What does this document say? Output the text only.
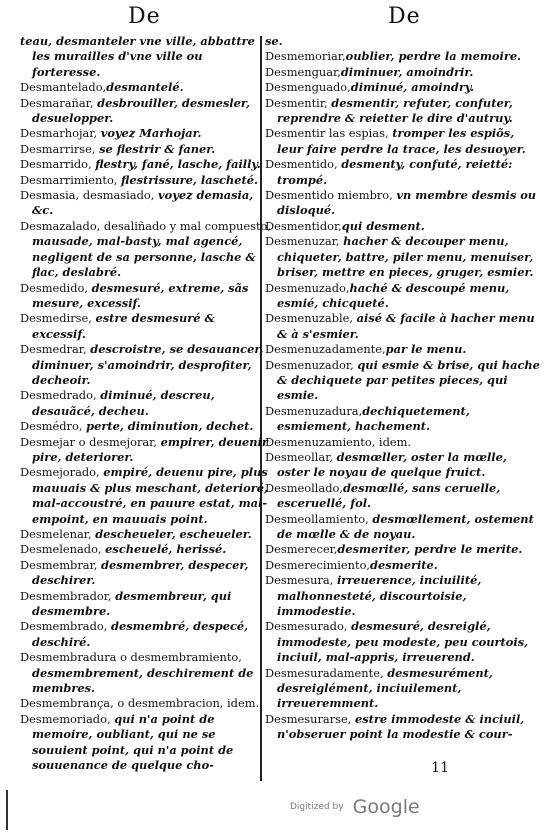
De	De

teau, desmanteler vne ville, abbattre les murailles d'vne ville ou forteresse.

Desmantelado,desmantelé.

Desmarañar, desbrouiller, desmesler, desuelopper.

Desmarhojar, voyez Marhojar.

Desmarrirse, se flestrir & faner.

Desmarrido, flestry, fané, lasche, failly.

Desmarrimiento, flestrissure, lascheté.

Desmasia, desmasiado, voyez demasia, &c.

Desmazalado, desaliñado y mal compuesto, mausade, mal-basty, mal agencé, negligent de sa personne, lasche & flac, deslabré.

Desmedido, desmesuré, extreme, sãs mesure, excessif.

Desmedirse, estre desmesuré & excessif.

Desmedrar, descroistre, se desauancer, diminuer, s'amoindrir, desprofiter, decheoir.

Desmedrado, diminué, descreu, desauãcé, decheu.

Desmédro, perte, diminution, dechet.

Desmejar o desmejorar, empirer, deuenir pire, deteriorer.

Desmejorado, empiré, deuenu pire, plus mauuais & plus meschant, deterioré, mal-accoustré, en pauure estat, mal-empoint, en mauuais point.

Desmelenar, descheueler, escheueler.

Desmelenado, escheuelé, herissé.

Desmembrar, desmembrer, despecer, deschirer.

Desmembrador, desmembreur, qui desmembre.

Desmembrado, desmembré, despecé, deschiré.

Desmembradura o desmembramiento, desmembrement, deschirement de membres.

Desmembrança, o desmembracion, idem.

Desmemoriado, qui n'a point de memoire, oubliant, qui ne se souuient point, qui n'a point de souuenance de quelque cho-

se.

Desmemoriar,oublier, perdre la memoire.

Desmenguar,diminuer, amoindrir.

Desmenguado,diminué, amoindry.

Desmentir, desmentir, refuter, confuter, reprendre & reietter le dire d'autruy.

Desmentir las espias, tromper les espiõs, leur faire perdre la trace, les desuoyer.

Desmentido, desmenty, confuté, reietté: trompé.

Desmentido miembro, vn membre desmis ou disloqué.

Desmentidor,qui desment.

Desmenuzar, hacher & decouper menu, chiqueter, battre, piler menu, menuiser, briser, mettre en pieces, gruger, esmier.

Desmenuzado,haché & descoupé menu, esmié, chicqueté.

Desmenuzable, aisé & facile à hacher menu & à s'esmier.

Desmenuzadamente,par le menu.

Desmenuzador, qui esmie & brise, qui hache & dechiquete par petites pieces, qui esmie.

Desmenuzadura,dechiquetement, esmiement, hachement.

Desmenuzamiento, idem.

Desmeollar, desmœller, oster la mœlle, oster le noyau de quelque fruict.

Desmeollado,desmœllé, sans ceruelle, esceruellé, fol.

Desmeollamiento, desmœllement, ostement de mœlle & de noyau.

Desmerecer,desmeriter, perdre le merite.

Desmerecimiento,desmerite.

Desmesura, irreuerence, inciuilité, malhonnesteté, discourtoisie, immodestie.

Desmesurado, desmesuré, desreiglé, immodeste, peu modeste, peu courtois, inciuil, mal-appris, irreuerend.

Desmesuradamente, desmesurément, desreiglément, inciuilement, irreueremment.

Desmesurarse, estre immodeste & inciuil, n'obseruer point la modestie & cour-

11
Digitized by Google
